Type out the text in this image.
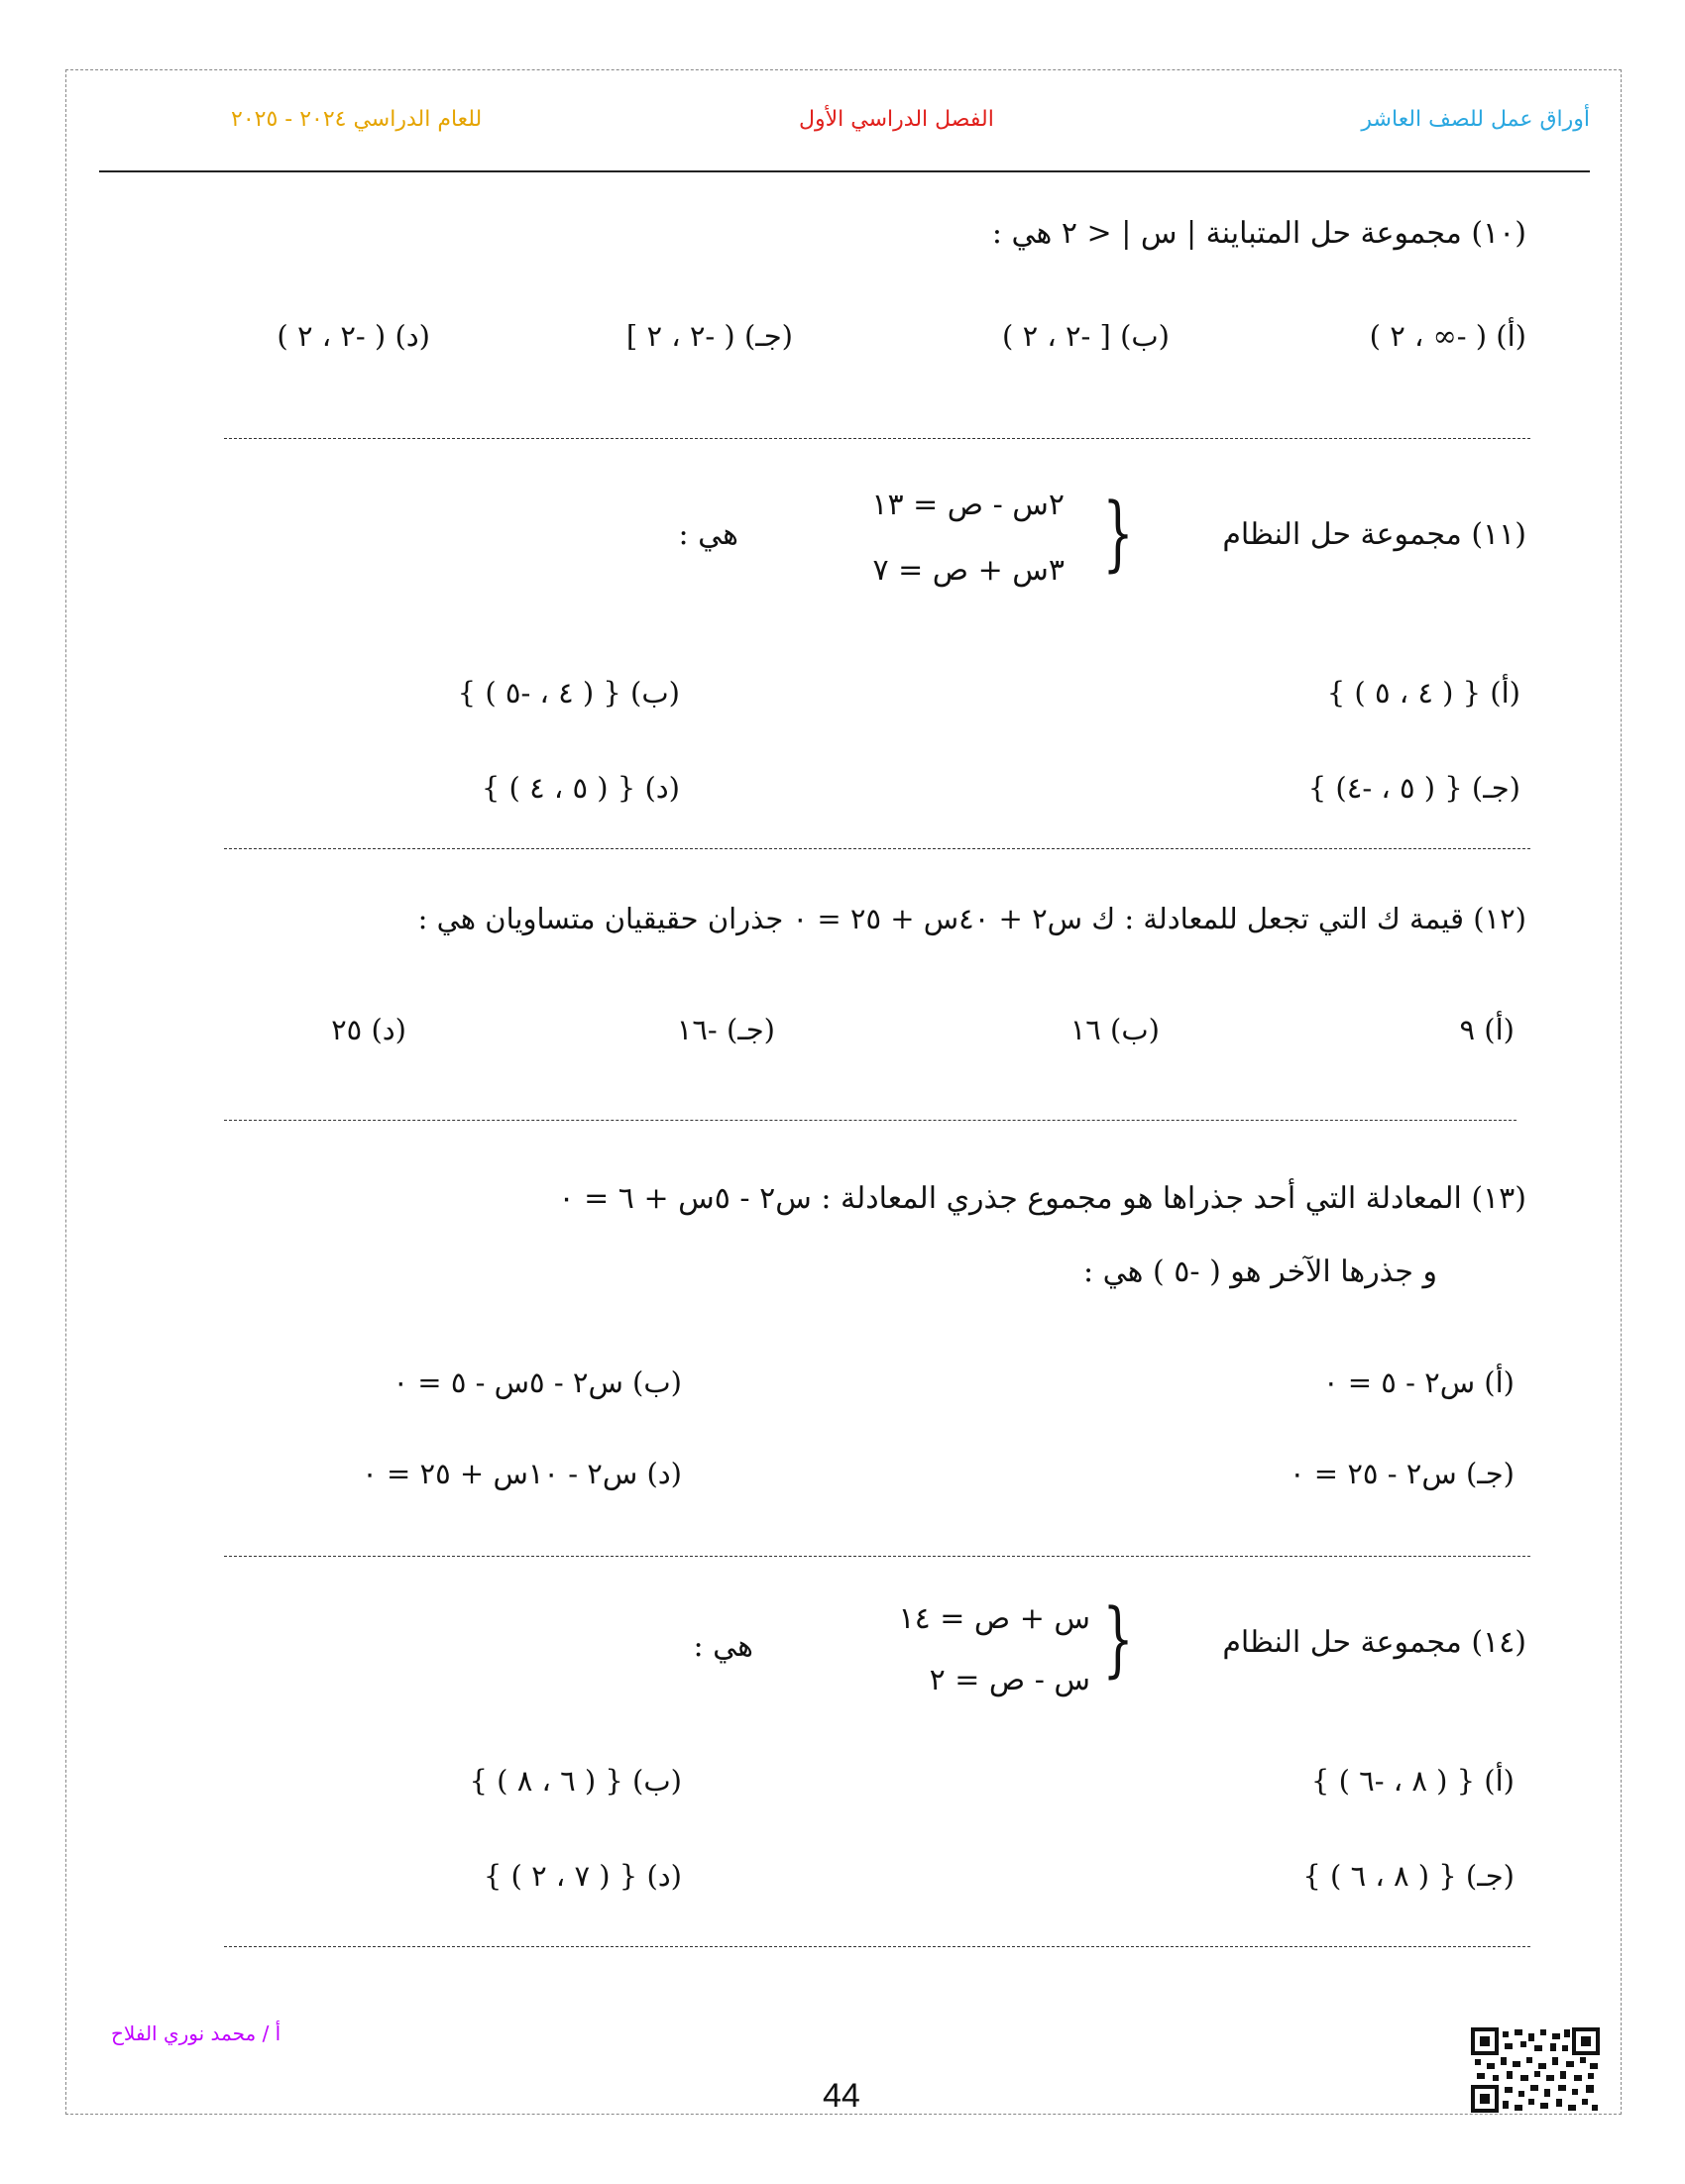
أوراق عمل للصف العاشر
الفصل الدراسي الأول
للعام الدراسي ٢٠٢٤ - ٢٠٢٥
(١٠) مجموعة حل المتباينة | س | < ٢ هي :
(أ) ( -∞ ، ٢ )
(ب) [ -٢ ، ٢ )
(جـ) ( -٢ ، ٢ ]
(د) ( -٢ ، ٢ )
(١١) مجموعة حل النظام
}
٢س - ص = ١٣
٣س + ص = ٧
هي :
(أ) { ( ٤ ، ٥ ) }
(ب) { ( ٤ ، -٥ ) }
(جـ) { ( ٥ ، -٤) }
(د) { ( ٥ ، ٤ ) }
(١٢) قيمة ك التي تجعل للمعادلة : ك س٢ + ٤٠س + ٢٥ = ٠ جذران حقيقيان متساويان هي :
(أ) ٩
(ب) ١٦
(جـ) -١٦
(د) ٢٥
(١٣) المعادلة التي أحد جذراها هو مجموع جذري المعادلة : س٢ - ٥س + ٦ = ٠
و جذرها الآخر هو ( -٥ ) هي :
(أ) س٢ - ٥ = ٠
(ب) س٢ - ٥س - ٥ = ٠
(جـ) س٢ - ٢٥ = ٠
(د) س٢ - ١٠س + ٢٥ = ٠
(١٤) مجموعة حل النظام
}
س + ص = ١٤
س - ص = ٢
هي :
(أ) { ( ٨ ، -٦ ) }
(ب) { ( ٦ ، ٨ ) }
(جـ) { ( ٨ ، ٦ ) }
(د) { ( ٧ ، ٢ ) }
أ / محمد نوري الفلاح
44
